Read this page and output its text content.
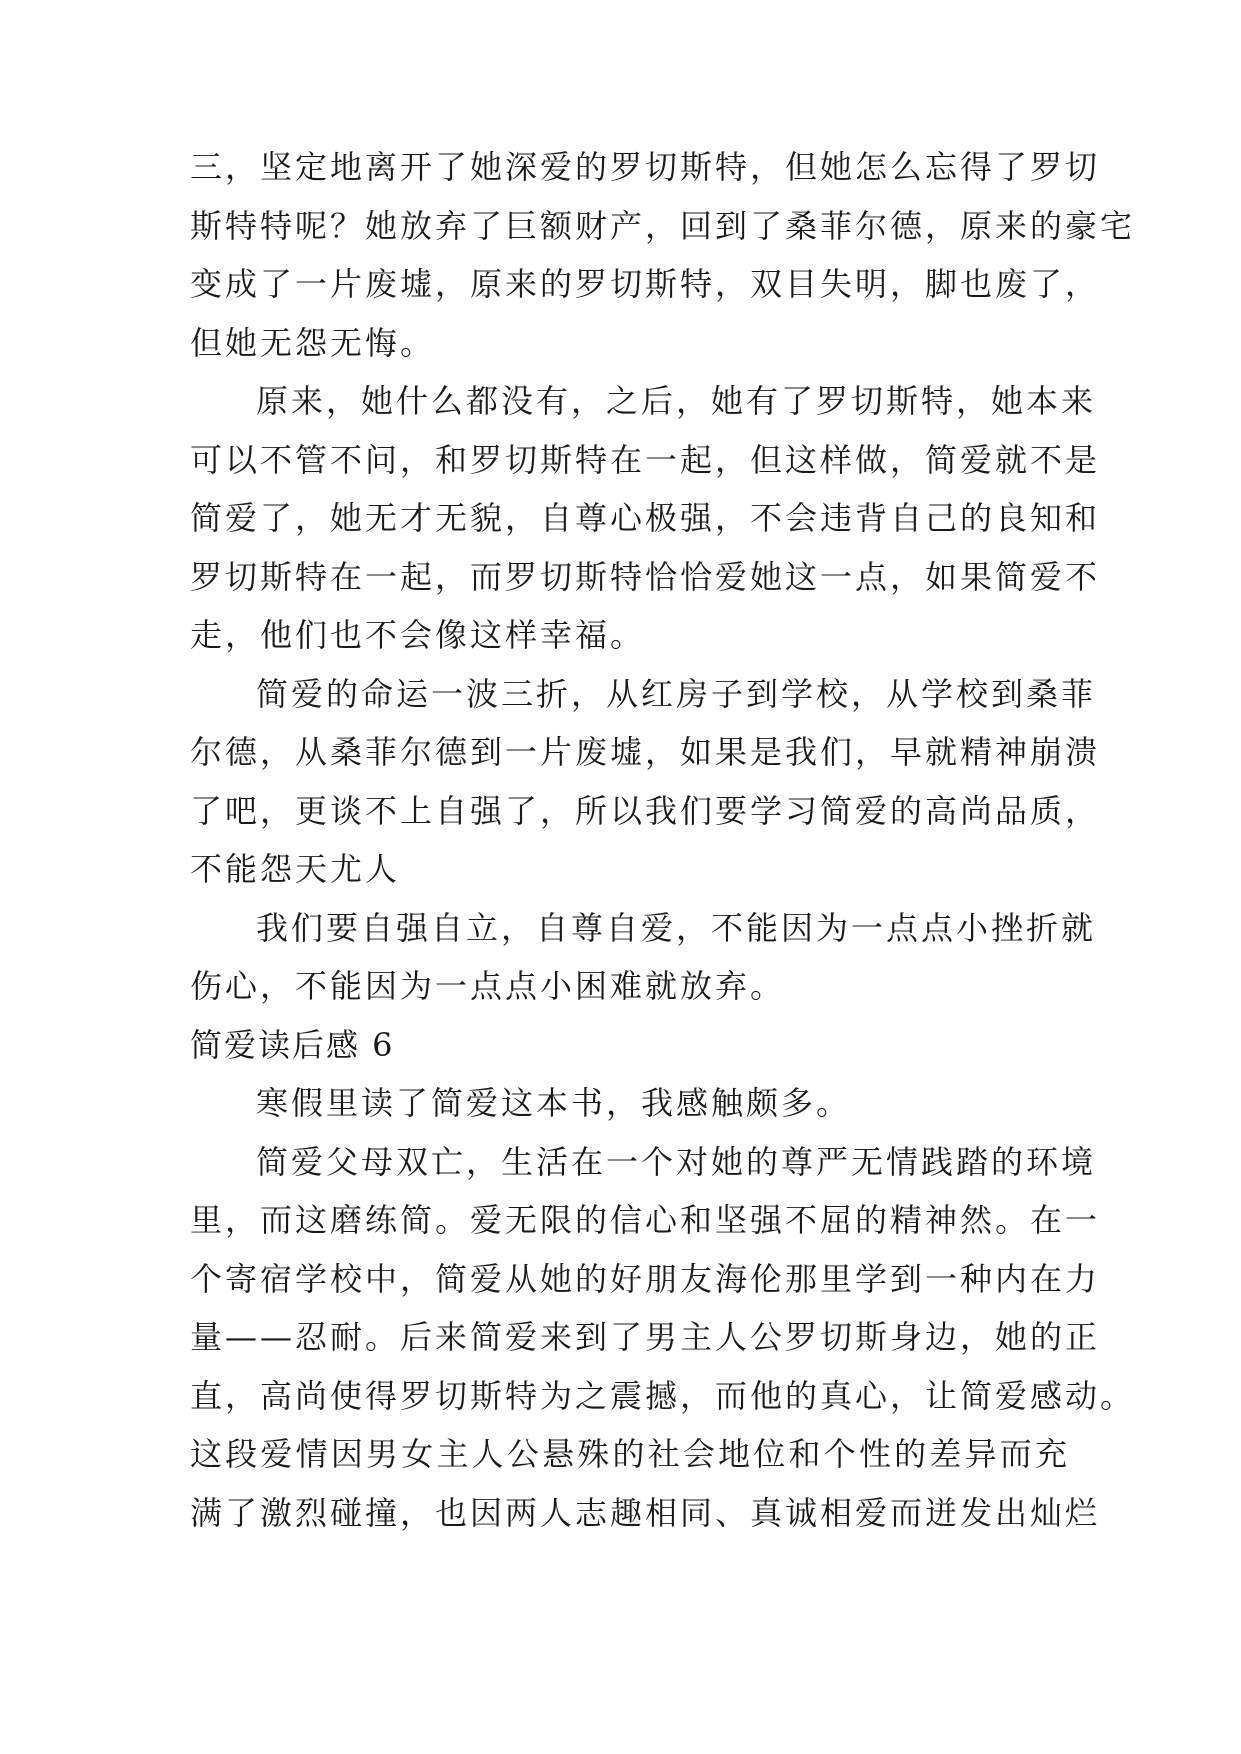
三，坚定地离开了她深爱的罗切斯特，但她怎么忘得了罗切
斯特特呢？她放弃了巨额财产，回到了桑菲尔德，原来的豪宅
变成了一片废墟，原来的罗切斯特，双目失明，脚也废了，
但她无怨无悔。
原来，她什么都没有，之后，她有了罗切斯特，她本来
可以不管不问，和罗切斯特在一起，但这样做，简爱就不是
简爱了，她无才无貌，自尊心极强，不会违背自己的良知和
罗切斯特在一起，而罗切斯特恰恰爱她这一点，如果简爱不
走，他们也不会像这样幸福。
简爱的命运一波三折，从红房子到学校，从学校到桑菲
尔德，从桑菲尔德到一片废墟，如果是我们，早就精神崩溃
了吧，更谈不上自强了，所以我们要学习简爱的高尚品质，
不能怨天尤人
我们要自强自立，自尊自爱，不能因为一点点小挫折就
伤心，不能因为一点点小困难就放弃。
简爱读后感 6
寒假里读了简爱这本书，我感触颇多。
简爱父母双亡，生活在一个对她的尊严无情践踏的环境
里，而这磨练简。爱无限的信心和坚强不屈的精神然。在一
个寄宿学校中，简爱从她的好朋友海伦那里学到一种内在力
量——忍耐。后来简爱来到了男主人公罗切斯身边，她的正
直，高尚使得罗切斯特为之震撼，而他的真心，让简爱感动。
这段爱情因男女主人公悬殊的社会地位和个性的差异而充
满了激烈碰撞，也因两人志趣相同、真诚相爱而迸发出灿烂
